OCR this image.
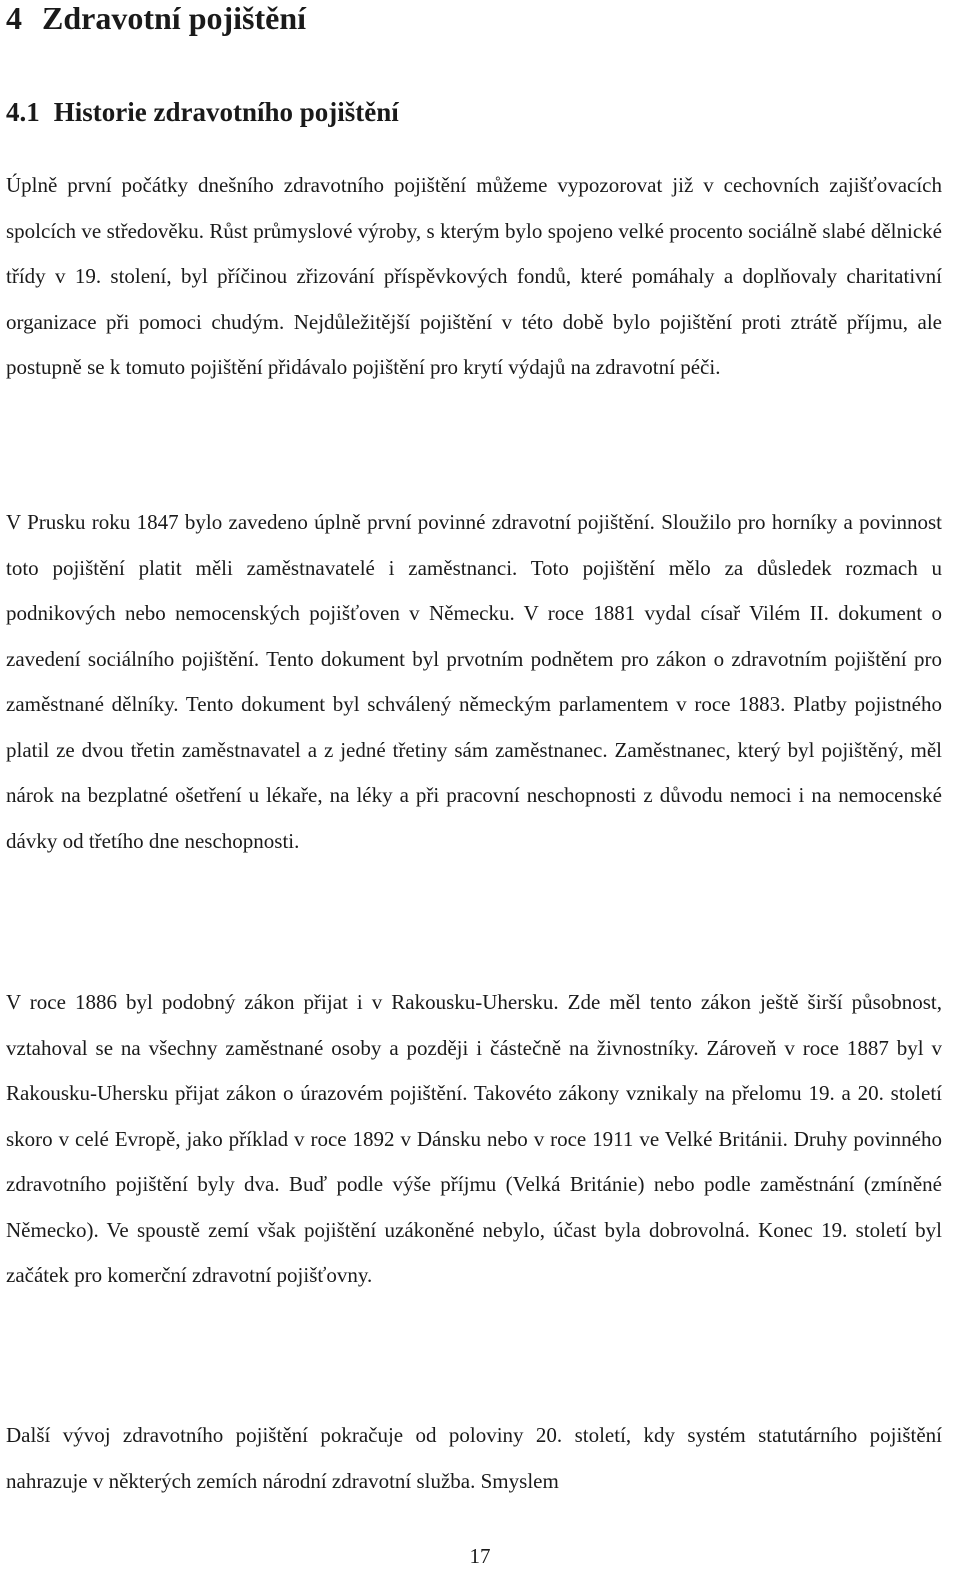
4 Zdravotní pojištění
4.1 Historie zdravotního pojištění

Úplně první počátky dnešního zdravotního pojištění můžeme vypozorovat již v cechovních zajišťovacích spolcích ve středověku. Růst průmyslové výroby, s kterým bylo spojeno velké procento sociálně slabé dělnické třídy v 19. stolení, byl příčinou zřizování příspěvkových fondů, které pomáhaly a doplňovaly charitativní organizace při pomoci chudým. Nejdůležitější pojištění v této době bylo pojištění proti ztrátě příjmu, ale postupně se k tomuto pojištění přidávalo pojištění pro krytí výdajů na zdravotní péči.

V Prusku roku 1847 bylo zavedeno úplně první povinné zdravotní pojištění. Sloužilo pro horníky a povinnost toto pojištění platit měli zaměstnavatelé i zaměstnanci. Toto pojištění mělo za důsledek rozmach u podnikových nebo nemocenských pojišťoven v Německu. V roce 1881 vydal císař Vilém II. dokument o zavedení sociálního pojištění. Tento dokument byl prvotním podnětem pro zákon o zdravotním pojištění pro zaměstnané dělníky. Tento dokument byl schválený německým parlamentem v roce 1883. Platby pojistného platil ze dvou třetin zaměstnavatel a z jedné třetiny sám zaměstnanec. Zaměstnanec, který byl pojištěný, měl nárok na bezplatné ošetření u lékaře, na léky a při pracovní neschopnosti z důvodu nemoci i na nemocenské dávky od třetího dne neschopnosti.

V roce 1886 byl podobný zákon přijat i v Rakousku-Uhersku. Zde měl tento zákon ještě širší působnost, vztahoval se na všechny zaměstnané osoby a později i částečně na živnostníky. Zároveň v roce 1887 byl v Rakousku-Uhersku přijat zákon o úrazovém pojištění. Takovéto zákony vznikaly na přelomu 19. a 20. století skoro v celé Evropě, jako příklad v roce 1892 v Dánsku nebo v roce 1911 ve Velké Británii. Druhy povinného zdravotního pojištění byly dva. Buď podle výše příjmu (Velká Británie) nebo podle zaměstnání (zmíněné Německo). Ve spoustě zemí však pojištění uzákoněné nebylo, účast byla dobrovolná. Konec 19. století byl začátek pro komerční zdravotní pojišťovny.

Další vývoj zdravotního pojištění pokračuje od poloviny 20. století, kdy systém statutárního pojištění nahrazuje v některých zemích národní zdravotní služba. Smyslem

17
